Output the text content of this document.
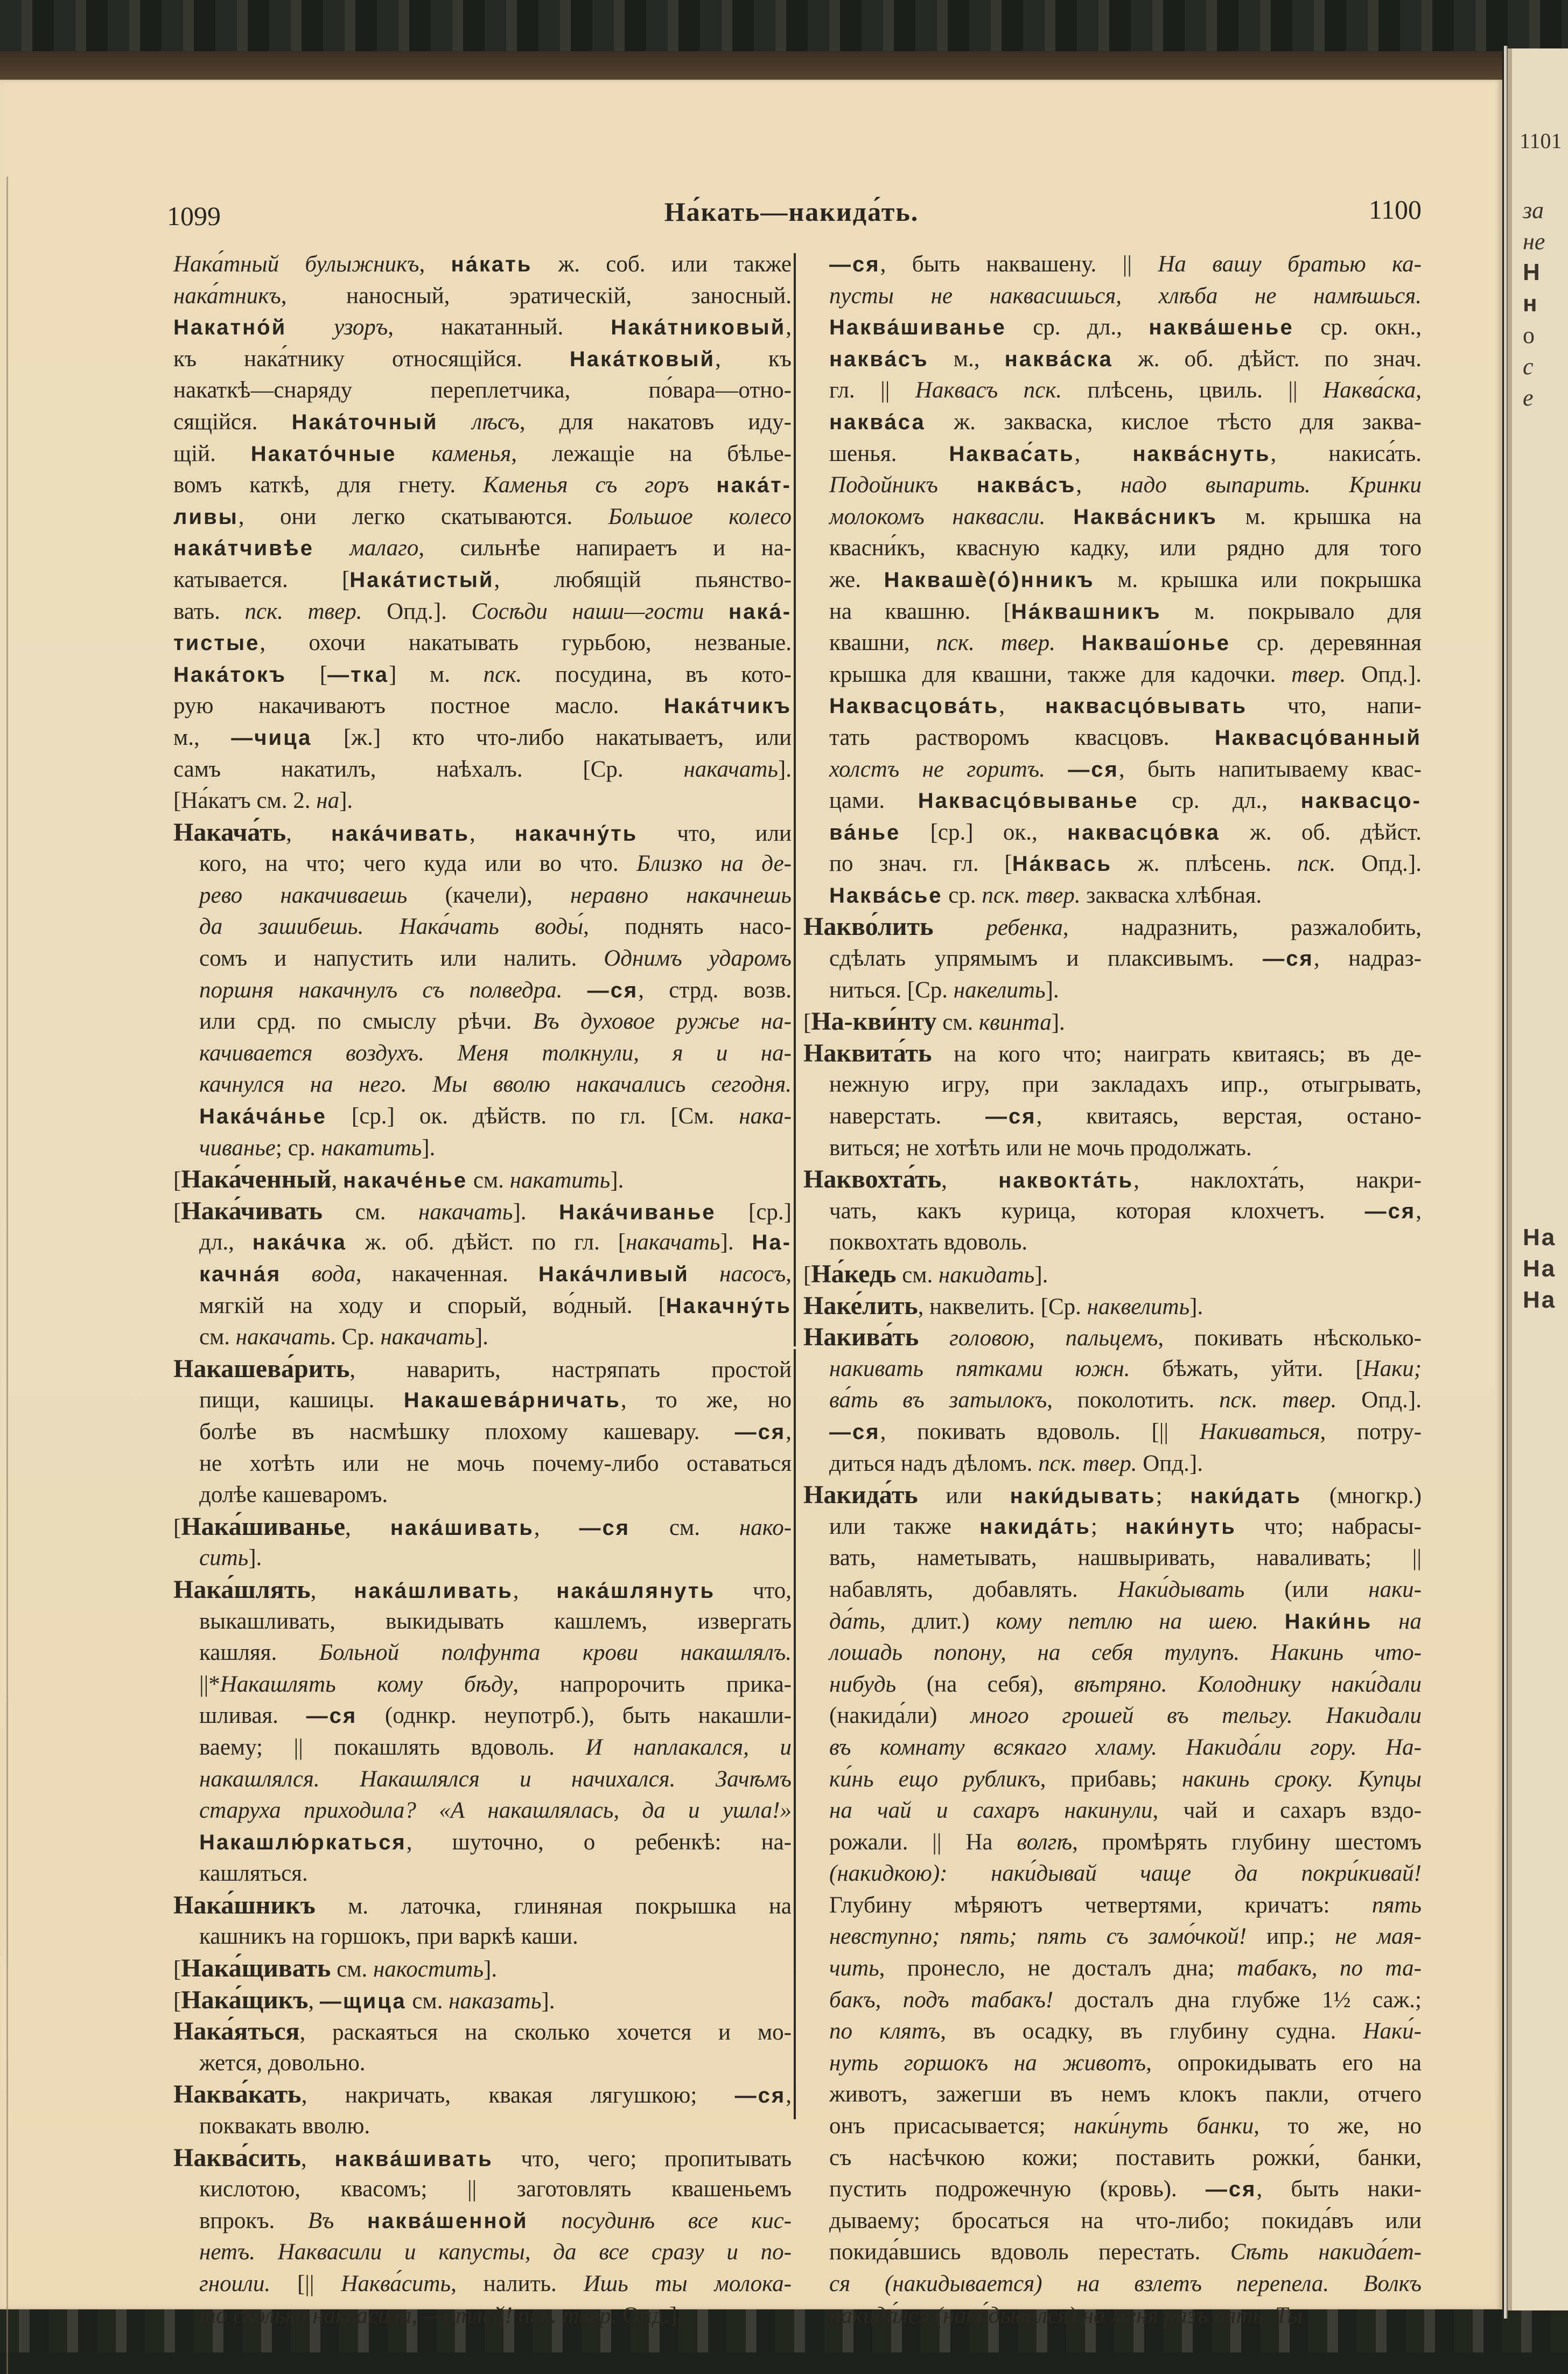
1101
за
не
Н
н
о
с
е
На
На
На
1099	На́кать—накида́ть.	1100
Нака́тный булыжникъ, на́кать ж. соб. или также
нака́тникъ, наносный, эратическій, заносный.
Накатно́й узоръ, накатанный. Нака́тниковый,
къ нака́тнику относящійся. Нака́тковый, къ
накаткѣ—снаряду переплетчика, по́вара—отно-
сящійся. Нака́точный лѣсъ, для накатовъ иду-
щій. Накато́чные каменья, лежащіе на бѣлье-
вомъ каткѣ, для гнету. Каменья съ горъ нака́т-
ливы, они легко скатываются. Большое колесо
нака́тчивѣе малаго, сильнѣе напираетъ и на-
катывается. [Нака́тистый, любящій пьянство-
вать. пск. твер. Опд.]. Сосѣди наши—гости нака́-
тистые, охочи накатывать гурьбою, незваные.
Нака́токъ [—тка] м. пск. посудина, въ кото-
рую накачиваютъ постное масло. Нака́тчикъ
м., —чица [ж.] кто что-либо накатываетъ, или
самъ накатилъ, наѣхалъ. [Ср. накачать].
[На́катъ см. 2. на].
Накача́ть, нака́чивать, накачну́ть что, или
кого, на что; чего куда или во что. Близко на де-
рево накачиваешь (качели), неравно накачнешь
да зашибешь. Нака́чать воды́, поднять насо-
сомъ и напустить или налить. Однимъ ударомъ
поршня накачнулъ съ полведра. —ся, стрд. возв.
или срд. по смыслу рѣчи. Въ духовое ружье на-
качивается воздухъ. Меня толкнули, я и на-
качнулся на него. Мы вволю накачались сегодня.
Нака́ча́нье [ср.] ок. дѣйств. по гл. [См. нака-
чиванье; ср. накатить].
[Нака́ченный, накаче́нье см. накатить].
[Нака́чивать см. накачать]. Нака́чиванье [ср.]
дл., нака́чка ж. об. дѣйст. по гл. [накачать]. На-
качна́я вода, накаченная. Нака́чливый насосъ,
мягкій на ходу и спорый, во́дный. [Накачну́ть
см. накачать. Ср. накачать].
Накашева́рить, наварить, настряпать простой
пищи, кашицы. Накашева́рничать, то же, но
болѣе въ насмѣшку плохому кашевару. —ся,
не хотѣть или не мочь почему-либо оставаться
долѣе кашеваромъ.
[Нака́шиванье, нака́шивать, —ся см. нако-
сить].
Нака́шлять, нака́шливать, нака́шлянуть что,
выкашливать, выкидывать кашлемъ, извергать
кашляя. Больной полфунта крови накашлялъ.
||*Накашлять кому бѣду, напророчить прика-
шливая. —ся (однкр. неупотрб.), быть накашли-
ваему; || покашлять вдоволь. И наплакался, и
накашлялся. Накашлялся и начихался. Зачѣмъ
старуха приходила? «А накашлялась, да и ушла!»
Накашлю́ркаться, шуточно, о ребенкѣ: на-
кашляться.
Нака́шникъ м. латочка, глиняная покрышка на
кашникъ на горшокъ, при варкѣ каши.
[Нака́щивать см. накостить].
[Нака́щикъ, —щица см. наказать].
Нака́яться, раскаяться на сколько хочется и мо-
жется, довольно.
Наква́кать, накричать, квакая лягушкою; —ся,
поквакать вволю.
Наква́сить, наква́шивать что, чего; пропитывать
кислотою, квасомъ; || заготовлять квашеньемъ
впрокъ. Въ наква́шенной посудинѣ все кис-
нетъ. Наквасили и капусты, да все сразу и по-
гноили. [|| Наква́сить, налить. Ишь ты молока-
то сколько наквасила, —отлей! пск. твер. Опд.].
—ся, быть наквашену. || На вашу братью ка-
пусты не наквасишься, хлѣба не намѣшься.
Наква́шиванье ср. дл., наква́шенье ср. окн.,
наква́съ м., наква́ска ж. об. дѣйст. по знач.
гл. || Наквасъ пск. плѣсень, цвиль. || Наква́ска,
наква́са ж. закваска, кислое тѣсто для заква-
шенья. Наквас́ать, наква́снуть, накиса́ть.
Подойникъ наква́съ, надо выпарить. Кринки
молокомъ наквасли. Наква́сникъ м. крышка на
квасни́къ, квасную кадку, или рядно для того
же. Наквашѐ(о́)нникъ м. крышка или покрышка
на квашню. [На́квашникъ м. покрывало для
квашни, пск. твер. Накваш́онье ср. деревянная
крышка для квашни, также для кадочки. твер. Опд.].
Наквасцова́ть, наквасцо́вывать что, напи-
тать растворомъ квасцовъ. Наквасцо́ванный
холстъ не горитъ. —ся, быть напитываему квас-
цами. Наквасцо́выванье ср. дл., наквасцо-
ва́нье [ср.] ок., наквасцо́вка ж. об. дѣйст.
по знач. гл. [На́квась ж. плѣсень. пск. Опд.].
Наква́сье ср. пск. твер. закваска хлѣбная.
Накво́лить ребенка, надразнить, разжалобить,
сдѣлать упрямымъ и плаксивымъ. —ся, надраз-
ниться. [Ср. накелить].
[На-кви́нту см. квинта].
Наквита́ть на кого что; наиграть квитаясь; въ де-
нежную игру, при закладахъ ипр., отыгрывать,
наверстать. —ся, квитаясь, верстая, остано-
виться; не хотѣть или не мочь продолжать.
Наквохта́ть, наквокта́ть, наклохта́ть, накри-
чать, какъ курица, которая клохчетъ. —ся,
поквохтать вдоволь.
[На́кедь см. накидать].
Наке́лить, наквелить. [Ср. наквелить].
Накива́ть головою, пальцемъ, покивать нѣсколько-
накивать пятками южн. бѣжать, уйти. [Наки;
ва́ть въ затылокъ, поколотить. пск. твер. Опд.].
—ся, покивать вдоволь. [|| Накиваться, потру-
диться надъ дѣломъ. пск. твер. Опд.].
Накида́ть или наки́дывать; наки́дать (многкр.)
или также накида́ть; наки́нуть что; набрасы-
вать, наметывать, нашвыривать, наваливать; ||
набавлять, добавлять. Наки́дывать (или наки-
да́ть, длит.) кому петлю на шею. Наки́нь на
лошадь попону, на себя тулупъ. Накинь что-
нибудь (на себя), вѣтряно. Колоднику наки́дали
(накида́ли) много грошей въ тельгу. Накидали
въ комнату всякаго хламу. Накида́ли гору. На-
ки́нь ещо рубликъ, прибавь; накинь сроку. Купцы
на чай и сахаръ накинули, чай и сахаръ вздо-
рожали. || На волгѣ, промѣрять глубину шестомъ
(накидкою): наки́дывай чаще да покри́кивай!
Глубину мѣряютъ четвертями, кричатъ: пять
невступно; пять; пять съ замо́чкой! ипр.; не мая-
чить, пронесло, не досталъ дна; табакъ, по та-
бакъ, подъ табакъ! досталъ дна глубже 1½ саж.;
по клятъ, въ осадку, въ глубину судна. Наки́-
нуть горшокъ на животъ, опрокидывать его на
животъ, зажегши въ немъ клокъ пакли, отчего
онъ присасывается; наки́нуть банки, то же, но
съ насѣчкою кожи; поставить рожки́, банки,
пустить подрожечную (кровь). —ся, быть наки-
дываему; бросаться на что-либо; покида́въ или
покида́вшись вдоволь перестать. Сѣть накида́ет-
ся (накидывается) на взлетъ перепела. Волкъ
накида́лся (наки́дывался) на меня разъ пять. Ты
